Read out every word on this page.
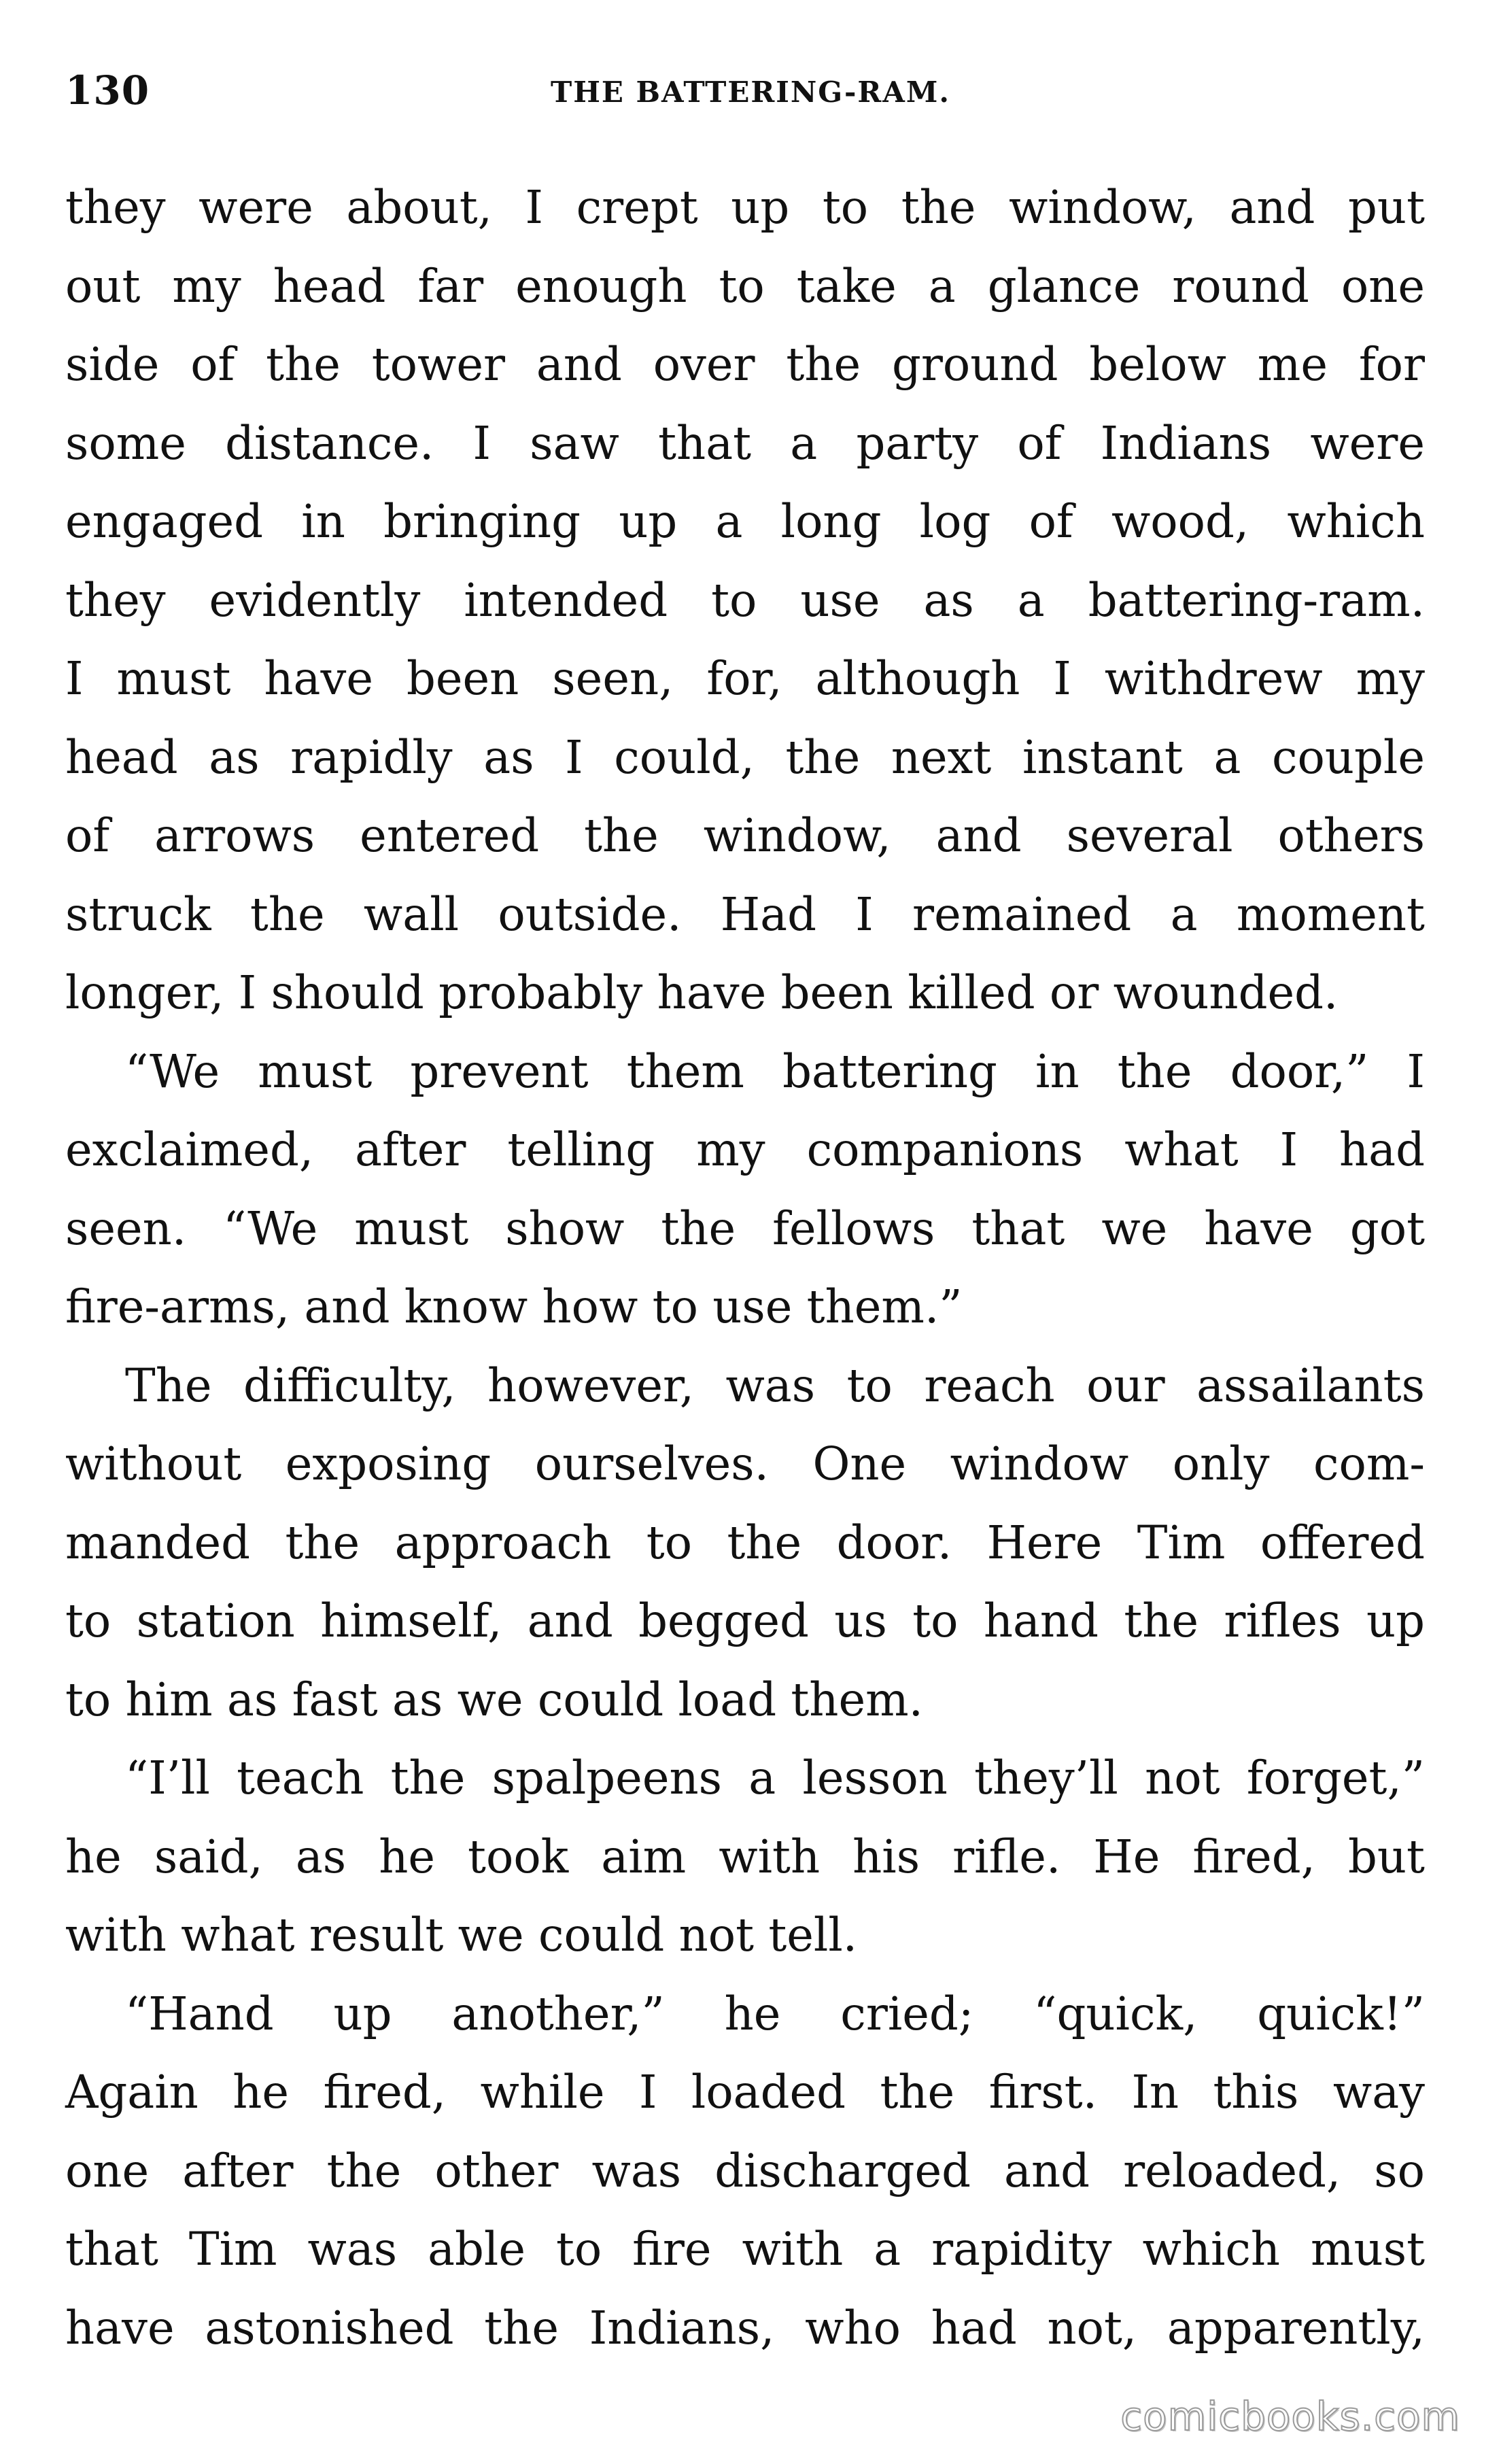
130	THE BATTERING-RAM.
they were about, I crept up to the window, and put
out my head far enough to take a glance round one
side of the tower and over the ground below me for
some distance. I saw that a party of Indians were
engaged in bringing up a long log of wood, which
they evidently intended to use as a battering-ram.
I must have been seen, for, although I withdrew my
head as rapidly as I could, the next instant a couple
of arrows entered the window, and several others
struck the wall outside. Had I remained a moment
longer, I should probably have been killed or wounded.
“We must prevent them battering in the door,” I
exclaimed, after telling my companions what I had
seen. “We must show the fellows that we have got
fire-arms, and know how to use them.”
The difficulty, however, was to reach our assailants
without exposing ourselves. One window only com-
manded the approach to the door. Here Tim offered
to station himself, and begged us to hand the rifles up
to him as fast as we could load them.
“I’ll teach the spalpeens a lesson they’ll not forget,”
he said, as he took aim with his rifle. He fired, but
with what result we could not tell.
“Hand up another,” he cried; “quick, quick!”
Again he fired, while I loaded the first. In this way
one after the other was discharged and reloaded, so
that Tim was able to fire with a rapidity which must
have astonished the Indians, who had not, apparently,
comicbooks.com
